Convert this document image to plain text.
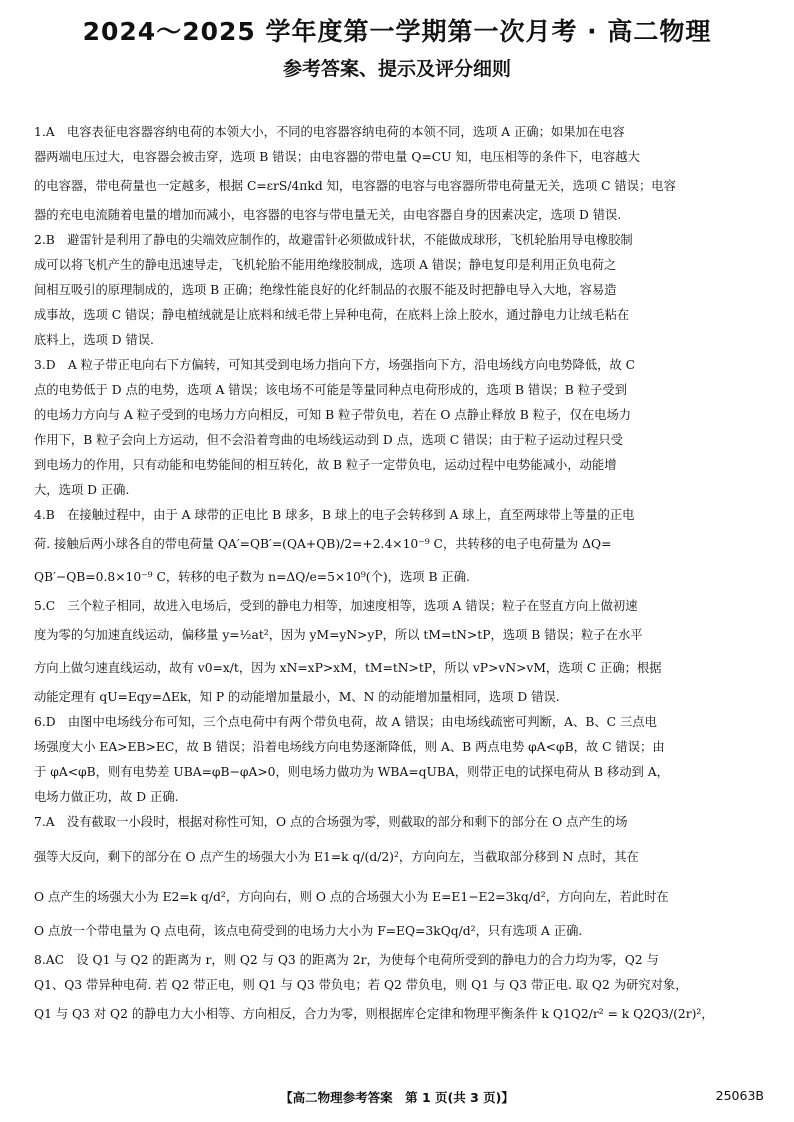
2024～2025 学年度第一学期第一次月考 · 高二物理
参考答案、提示及评分细则
1.A　电容表征电容器容纳电荷的本领大小，不同的电容器容纳电荷的本领不同，选项 A 正确；如果加在电容
器两端电压过大，电容器会被击穿，选项 B 错误；由电容器的带电量 Q=CU 知，电压相等的条件下，电容越大
的电容器，带电荷量也一定越多，根据 C=εrS/4πkd 知，电容器的电容与电容器所带电荷量无关，选项 C 错误；电容
器的充电电流随着电量的增加而减小，电容器的电容与带电量无关，由电容器自身的因素决定，选项 D 错误.
2.B　避雷针是利用了静电的尖端效应制作的，故避雷针必须做成针状，不能做成球形，飞机轮胎用导电橡胶制
成可以将飞机产生的静电迅速导走，飞机轮胎不能用绝缘胶制成，选项 A 错误；静电复印是利用正负电荷之
间相互吸引的原理制成的，选项 B 正确；绝缘性能良好的化纤制品的衣服不能及时把静电导入大地，容易造
成事故，选项 C 错误；静电植绒就是让底料和绒毛带上异种电荷，在底料上涂上胶水，通过静电力让绒毛粘在
底料上，选项 D 错误.
3.D　A 粒子带正电向右下方偏转，可知其受到电场力指向下方，场强指向下方，沿电场线方向电势降低，故 C
点的电势低于 D 点的电势，选项 A 错误；该电场不可能是等量同种点电荷形成的，选项 B 错误；B 粒子受到
的电场力方向与 A 粒子受到的电场力方向相反，可知 B 粒子带负电，若在 O 点静止释放 B 粒子，仅在电场力
作用下，B 粒子会向上方运动，但不会沿着弯曲的电场线运动到 D 点，选项 C 错误；由于粒子运动过程只受
到电场力的作用，只有动能和电势能间的相互转化，故 B 粒子一定带负电，运动过程中电势能减小，动能增
大，选项 D 正确.
4.B　在接触过程中，由于 A 球带的正电比 B 球多，B 球上的电子会转移到 A 球上，直至两球带上等量的正电
荷. 接触后两小球各自的带电荷量 QA′=QB′=(QA+QB)/2=+2.4×10⁻⁹ C，共转移的电子电荷量为 ΔQ=
QB′−QB=0.8×10⁻⁹ C，转移的电子数为 n=ΔQ/e=5×10⁹(个)，选项 B 正确.
5.C　三个粒子相同，故进入电场后，受到的静电力相等，加速度相等，选项 A 错误；粒子在竖直方向上做初速
度为零的匀加速直线运动，偏移量 y=½at²，因为 yM=yN>yP，所以 tM=tN>tP，选项 B 错误；粒子在水平
方向上做匀速直线运动，故有 v0=x/t，因为 xN=xP>xM，tM=tN>tP，所以 vP>vN>vM，选项 C 正确；根据
动能定理有 qU=Eqy=ΔEk，知 P 的动能增加量最小，M、N 的动能增加量相同，选项 D 错误.
6.D　由图中电场线分布可知，三个点电荷中有两个带负电荷，故 A 错误；由电场线疏密可判断，A、B、C 三点电
场强度大小 EA>EB>EC，故 B 错误；沿着电场线方向电势逐渐降低，则 A、B 两点电势 φA<φB，故 C 错误；由
于 φA<φB，则有电势差 UBA=φB−φA>0，则电场力做功为 WBA=qUBA，则带正电的试探电荷从 B 移动到 A，
电场力做正功，故 D 正确.
7.A　没有截取一小段时，根据对称性可知，O 点的合场强为零，则截取的部分和剩下的部分在 O 点产生的场
强等大反向，剩下的部分在 O 点产生的场强大小为 E1=k q/(d/2)²，方向向左，当截取部分移到 N 点时，其在
O 点产生的场强大小为 E2=k q/d²，方向向右，则 O 点的合场强大小为 E=E1−E2=3kq/d²，方向向左，若此时在
O 点放一个带电量为 Q 点电荷，该点电荷受到的电场力大小为 F=EQ=3kQq/d²，只有选项 A 正确.
8.AC　设 Q1 与 Q2 的距离为 r，则 Q2 与 Q3 的距离为 2r，为使每个电荷所受到的静电力的合力均为零，Q2 与
Q1、Q3 带异种电荷. 若 Q2 带正电，则 Q1 与 Q3 带负电；若 Q2 带负电，则 Q1 与 Q3 带正电. 取 Q2 为研究对象，
Q1 与 Q3 对 Q2 的静电力大小相等、方向相反，合力为零，则根据库仑定律和物理平衡条件 k Q1Q2/r² = k Q2Q3/(2r)²，
【高二物理参考答案　第 1 页(共 3 页)】	25063B
